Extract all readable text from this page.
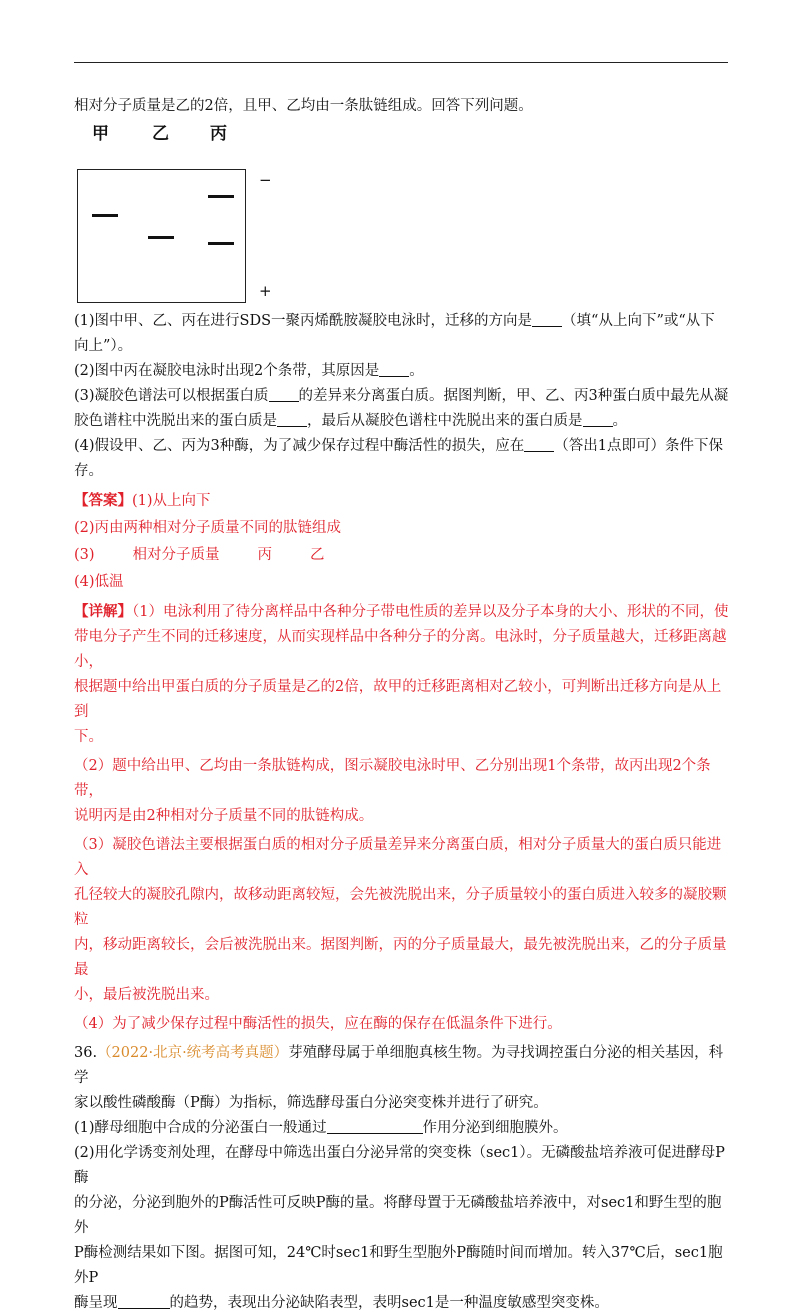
相对分子质量是乙的2倍，且甲、乙均由一条肽链组成。回答下列问题。

甲	乙 丙
−
+

(1)图中甲、乙、丙在进行SDS一聚丙烯酰胺凝胶电泳时，迁移的方向是 （填“从上向下”或“从下

向上”）。

(2)图中丙在凝胶电泳时出现2个条带，其原因是 。

(3)凝胶色谱法可以根据蛋白质 的差异来分离蛋白质。据图判断，甲、乙、丙3种蛋白质中最先从凝

胶色谱柱中洗脱出来的蛋白质是 ，最后从凝胶色谱柱中洗脱出来的蛋白质是 。

(4)假设甲、乙、丙为3种酶，为了减少保存过程中酶活性的损失，应在 （答出1点即可）条件下保

存。

【答案】(1)从上向下

(2)丙由两种相对分子质量不同的肽链组成

(3)	相对分子质量	丙	乙

(4)低温

【详解】（1）电泳利用了待分离样品中各种分子带电性质的差异以及分子本身的大小、形状的不同，使

带电分子产生不同的迁移速度，从而实现样品中各种分子的分离。电泳时，分子质量越大，迁移距离越小，

根据题中给出甲蛋白质的分子质量是乙的2倍，故甲的迁移距离相对乙较小，可判断出迁移方向是从上到

下。

（2）题中给出甲、乙均由一条肽链构成，图示凝胶电泳时甲、乙分别出现1个条带，故丙出现2个条带，

说明丙是由2种相对分子质量不同的肽链构成。

（3）凝胶色谱法主要根据蛋白质的相对分子质量差异来分离蛋白质，相对分子质量大的蛋白质只能进入

孔径较大的凝胶孔隙内，故移动距离较短，会先被洗脱出来，分子质量较小的蛋白质进入较多的凝胶颗粒

内，移动距离较长，会后被洗脱出来。据图判断，丙的分子质量最大，最先被洗脱出来，乙的分子质量最

小，最后被洗脱出来。

（4）为了减少保存过程中酶活性的损失，应在酶的保存在低温条件下进行。

36.（2022·北京·统考高考真题）芽殖酵母属于单细胞真核生物。为寻找调控蛋白分泌的相关基因，科学

家以酸性磷酸酶（P酶）为指标，筛选酵母蛋白分泌突变株并进行了研究。

(1)酵母细胞中合成的分泌蛋白一般通过	作用分泌到细胞膜外。

(2)用化学诱变剂处理，在酵母中筛选出蛋白分泌异常的突变株（sec1）。无磷酸盐培养液可促进酵母P酶

的分泌，分泌到胞外的P酶活性可反映P酶的量。将酵母置于无磷酸盐培养液中，对sec1和野生型的胞外

P酶检测结果如下图。据图可知，24℃时sec1和野生型胞外P酶随时间而增加。转入37℃后，sec1胞外P

酶呈现	的趋势，表现出分泌缺陷表型，表明sec1是一种温度敏感型突变株。
